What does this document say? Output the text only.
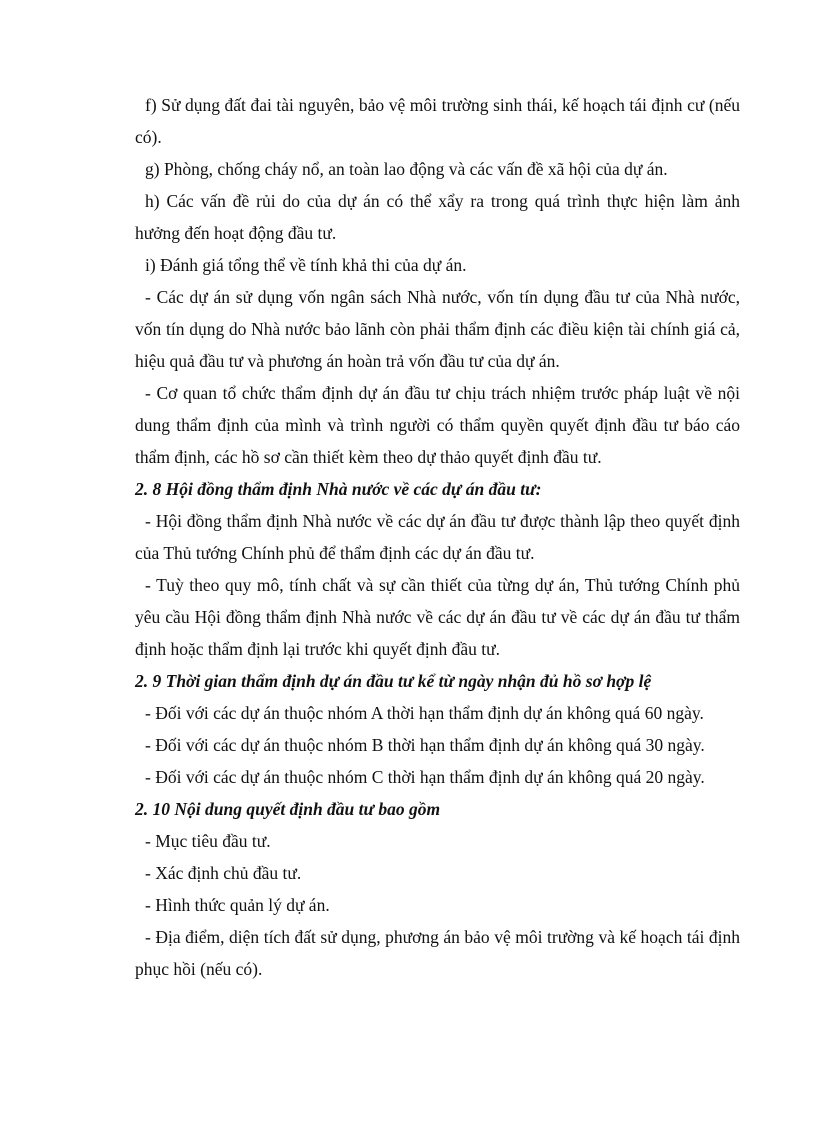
f) Sử dụng đất đai tài nguyên, bảo vệ môi trường sinh thái, kế hoạch tái định cư (nếu có).

g) Phòng, chống cháy nổ, an toàn lao động và các vấn đề xã hội của dự án.

h) Các vấn đề rủi do của dự án có thể xẩy ra trong quá trình thực hiện làm ảnh hưởng đến hoạt động đầu tư.

i) Đánh giá tổng thể về tính khả thi của dự án.

- Các dự án sử dụng vốn ngân sách Nhà nước, vốn tín dụng đầu tư của Nhà nước, vốn tín dụng do Nhà nước bảo lãnh còn phải thẩm định các điều kiện tài chính giá cả, hiệu quả đầu tư và phương án hoàn trả vốn đầu tư của dự án.

- Cơ quan tổ chức thẩm định dự án đầu tư chịu trách nhiệm trước pháp luật về nội dung thẩm định của mình và trình người có thẩm quyền quyết định đầu tư báo cáo thẩm định, các hồ sơ cần thiết kèm theo dự thảo quyết định đầu tư.

2. 8 Hội đồng thẩm định Nhà nước về các dự án đầu tư:

- Hội đồng thẩm định Nhà nước về các dự án đầu tư được thành lập theo quyết định của Thủ tướng Chính phủ để thẩm định các dự án đầu tư.

- Tuỳ theo quy mô, tính chất và sự cần thiết của từng dự án, Thủ tướng Chính phủ yêu cầu Hội đồng thẩm định Nhà nước về các dự án đầu tư về các dự án đầu tư thẩm định hoặc thẩm định lại trước khi quyết định đầu tư.

2. 9 Thời gian thẩm định dự án đầu tư kể từ ngày nhận đủ hồ sơ hợp lệ

- Đối với các dự án thuộc nhóm A thời hạn thẩm định dự án không quá 60 ngày.

- Đối với các dự án thuộc nhóm B thời hạn thẩm định dự án không quá 30 ngày.

- Đối với các dự án thuộc nhóm C thời hạn thẩm định dự án không quá 20 ngày.

2. 10 Nội dung quyết định đầu tư bao gồm

- Mục tiêu đầu tư.

- Xác định chủ đầu tư.

- Hình thức quản lý dự án.

- Địa điểm, diện tích đất sử dụng, phương án bảo vệ môi trường và kế hoạch tái định phục hồi (nếu có).
